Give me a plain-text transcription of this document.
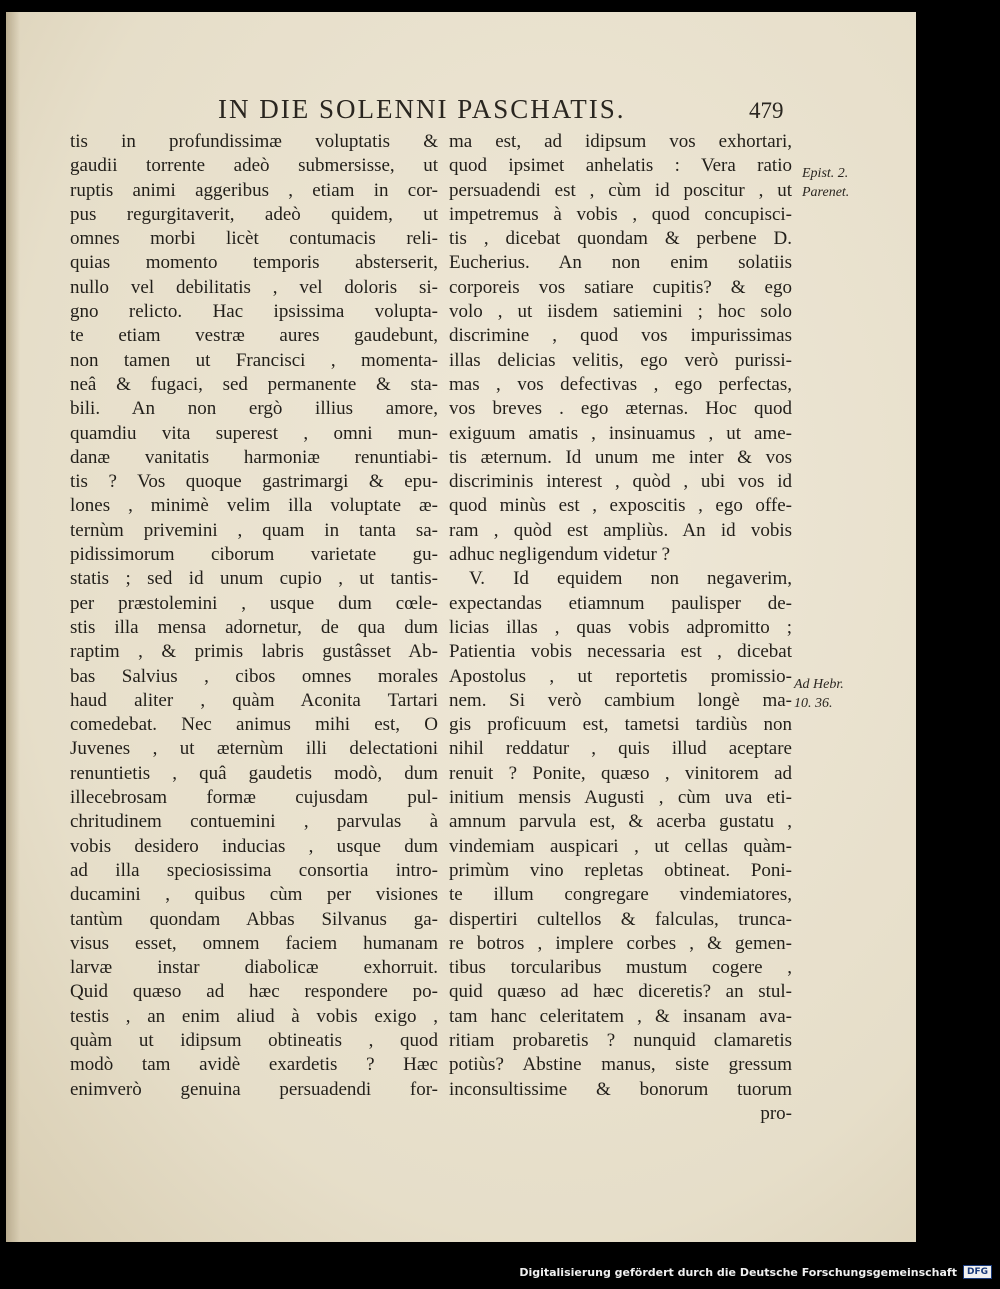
IN DIE SOLENNI PASCHATIS.	479
tis in profundissimæ voluptatis &
gaudii torrente adeò submersisse, ut
ruptis animi aggeribus , etiam in cor-
pus regurgitaverit, adeò quidem, ut
omnes morbi licèt contumacis reli-
quias momento temporis absterserit,
nullo vel debilitatis , vel doloris si-
gno relicto. Hac ipsissima volupta-
te etiam vestræ aures gaudebunt,
non tamen ut Francisci , momenta-
neâ & fugaci, sed permanente & sta-
bili. An non ergò illius amore,
quamdiu vita superest , omni mun-
danæ vanitatis harmoniæ renuntiabi-
tis ? Vos quoque gastrimargi & epu-
lones , minimè velim illa voluptate æ-
ternùm privemini , quam in tanta sa-
pidissimorum ciborum varietate gu-
statis ; sed id unum cupio , ut tantis-
per præstolemini , usque dum cœle-
stis illa mensa adornetur, de qua dum
raptim , & primis labris gustâsset Ab-
bas Salvius , cibos omnes morales
haud aliter , quàm Aconita Tartari
comedebat. Nec animus mihi est, O
Juvenes , ut æternùm illi delectationi
renuntietis , quâ gaudetis modò, dum
illecebrosam formæ cujusdam pul-
chritudinem contuemini , parvulas à
vobis desidero inducias , usque dum
ad illa speciosissima consortia intro-
ducamini , quibus cùm per visiones
tantùm quondam Abbas Silvanus ga-
visus esset, omnem faciem humanam
larvæ instar diabolicæ exhorruit.
Quid quæso ad hæc respondere po-
testis , an enim aliud à vobis exigo ,
quàm ut idipsum obtineatis , quod
modò tam avidè exardetis ? Hæc
enimverò genuina persuadendi for-
ma est, ad idipsum vos exhortari,
quod ipsimet anhelatis : Vera ratio
persuadendi est , cùm id poscitur , ut
impetremus à vobis , quod concupisci-
tis , dicebat quondam & perbene D.
Eucherius. An non enim solatiis
corporeis vos satiare cupitis? & ego
volo , ut iisdem satiemini ; hoc solo
discrimine , quod vos impurissimas
illas delicias velitis, ego verò purissi-
mas , vos defectivas , ego perfectas,
vos breves . ego æternas. Hoc quod
exiguum amatis , insinuamus , ut ame-
tis æternum. Id unum me inter & vos
discriminis interest , quòd , ubi vos id
quod minùs est , exposcitis , ego offe-
ram , quòd est ampliùs. An id vobis
adhuc negligendum videtur ?
V. Id equidem non negaverim,
expectandas etiamnum paulisper de-
licias illas , quas vobis adpromitto ;
Patientia vobis necessaria est , dicebat
Apostolus , ut reportetis promissio-
nem. Si verò cambium longè ma-
gis proficuum est, tametsi tardiùs non
nihil reddatur , quis illud aceptare
renuit ? Ponite, quæso , vinitorem ad
initium mensis Augusti , cùm uva eti-
amnum parvula est, & acerba gustatu ,
vindemiam auspicari , ut cellas quàm-
primùm vino repletas obtineat. Poni-
te illum congregare vindemiatores,
dispertiri cultellos & falculas, trunca-
re botros , implere corbes , & gemen-
tibus torcularibus mustum cogere ,
quid quæso ad hæc diceretis? an stul-
tam hanc celeritatem , & insanam ava-
ritiam probaretis ? nunquid clamaretis
potiùs? Abstine manus, siste gressum
inconsultissime & bonorum tuorum
pro-
Epist. 2.
Parenet.
Ad Hebr.
10. 36.
Digitalisierung gefördert durch die Deutsche Forschungsgemeinschaft	DFG
